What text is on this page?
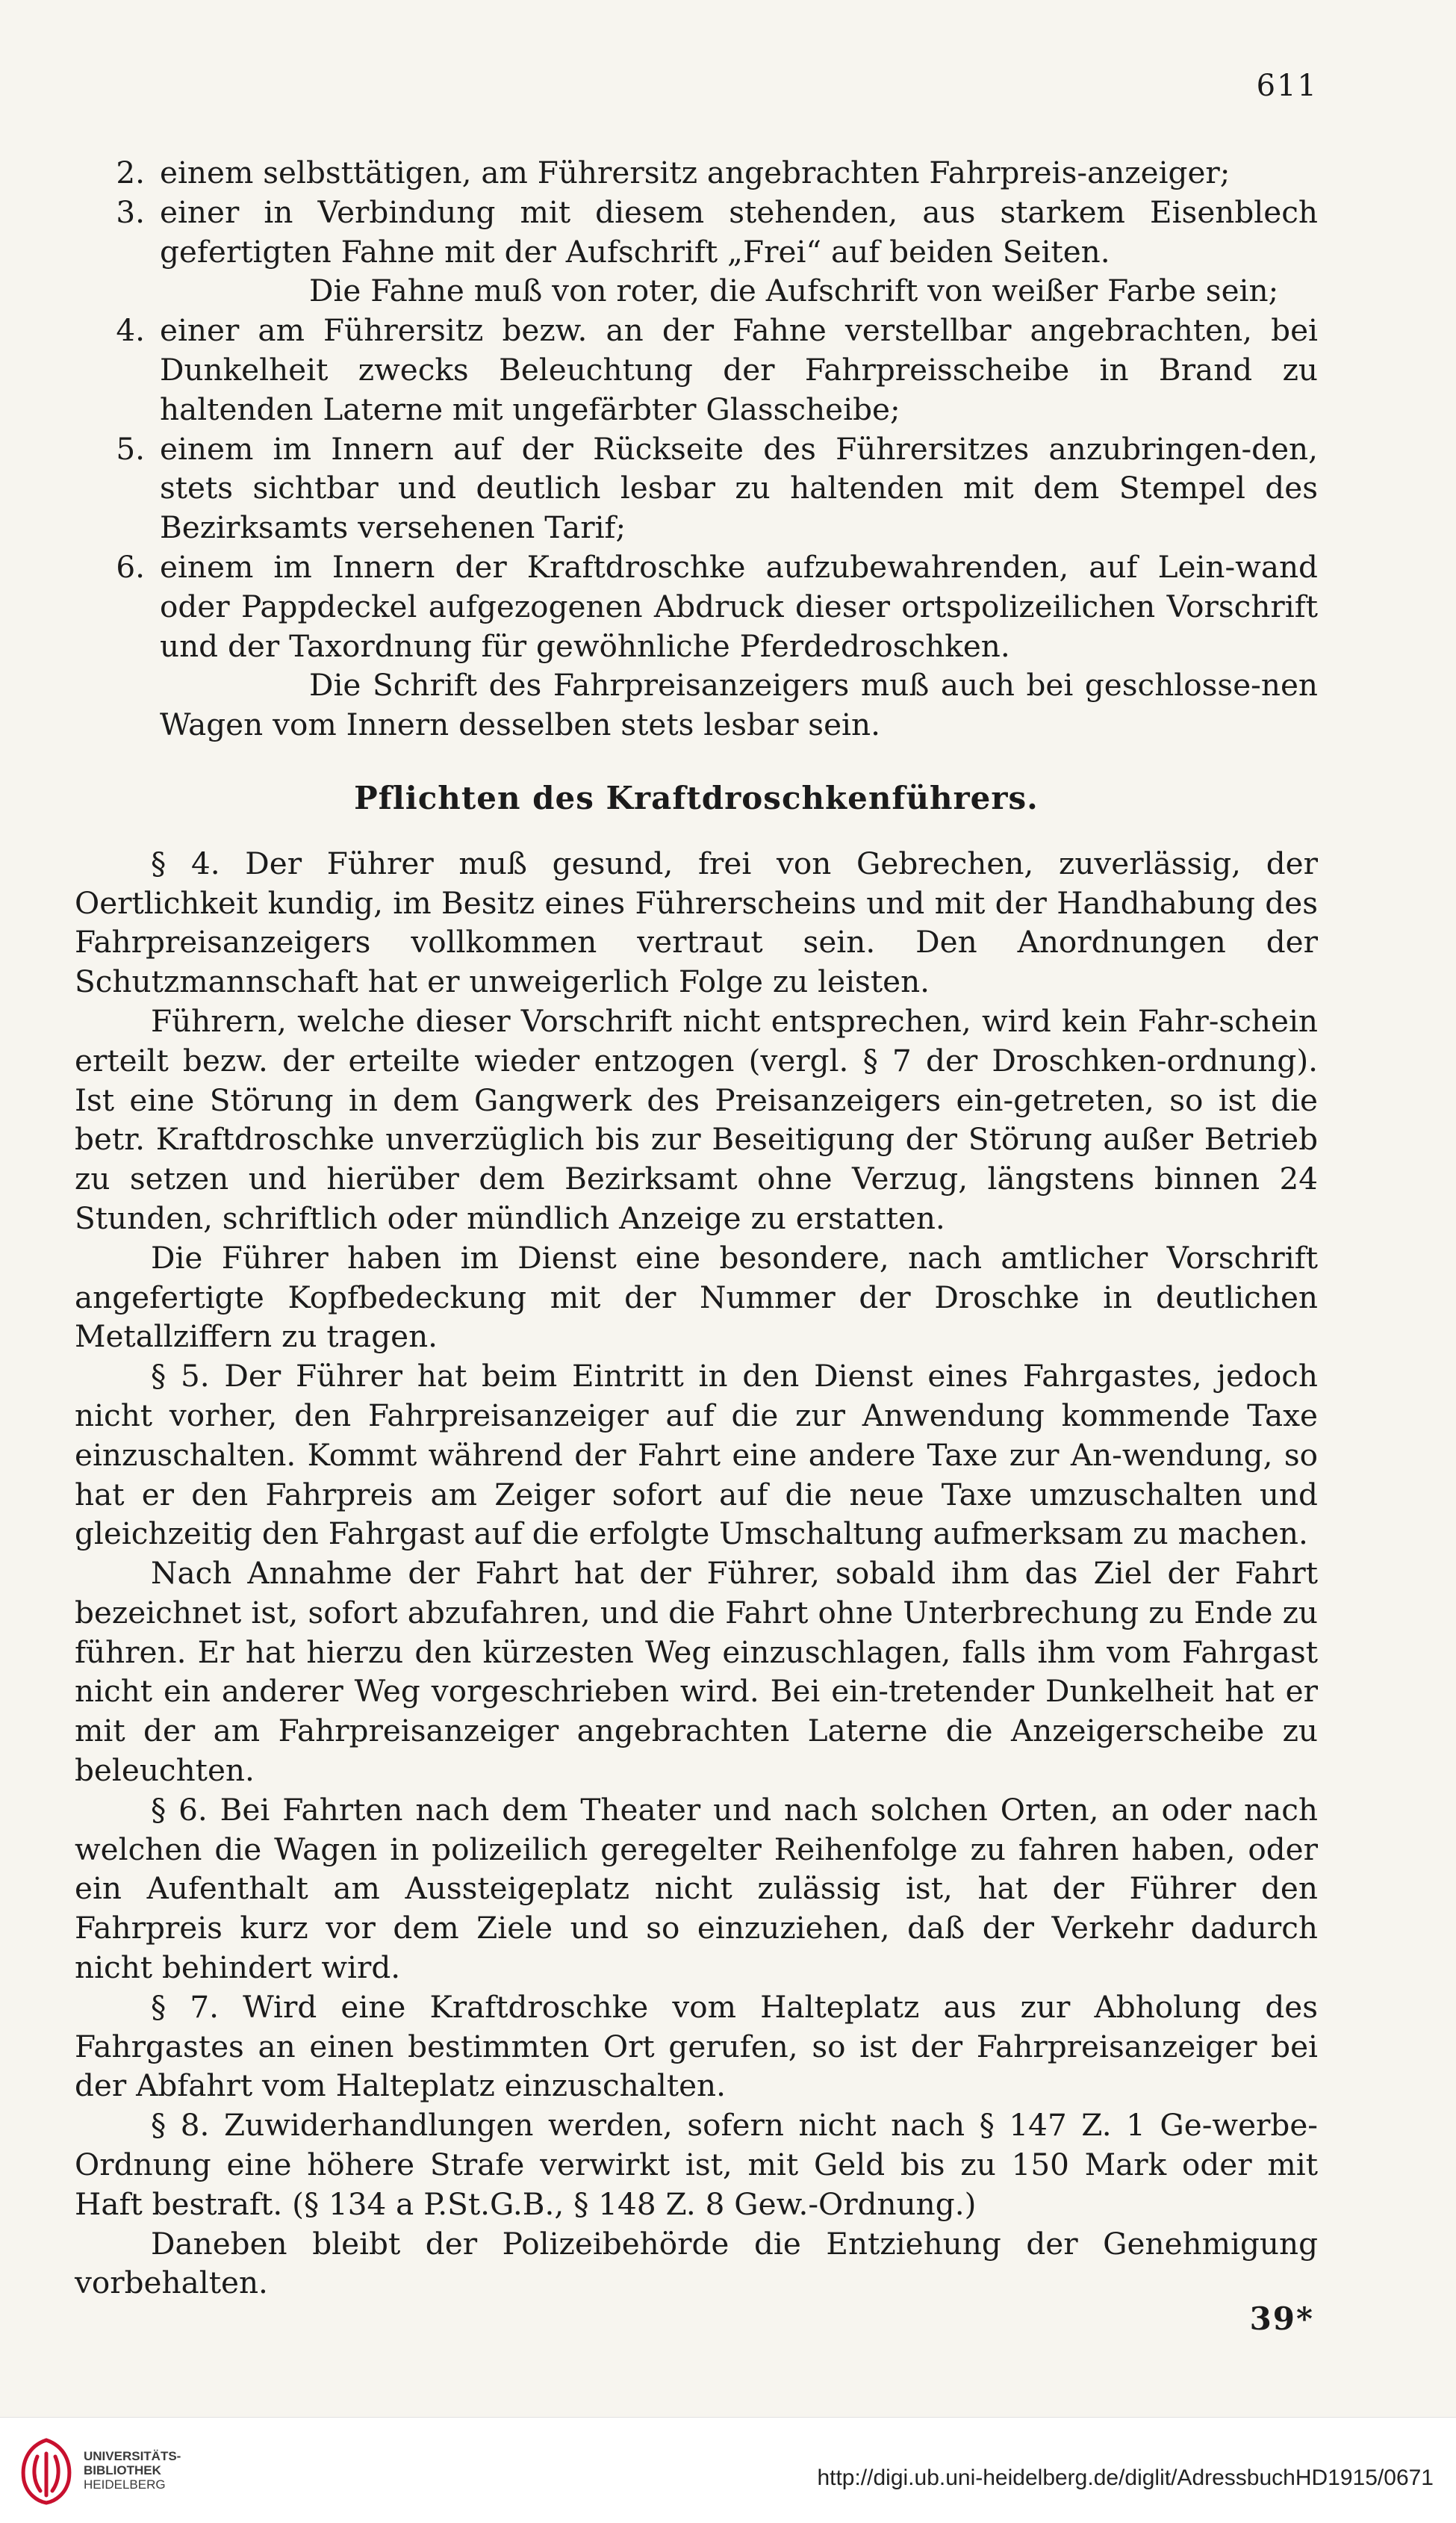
611
2. einem selbsttätigen, am Führersitz angebrachten Fahrpreis-anzeiger;
3. einer in Verbindung mit diesem stehenden, aus starkem Eisenblech gefertigten Fahne mit der Aufschrift „Frei“ auf beiden Seiten.

Die Fahne muß von roter, die Aufschrift von weißer Farbe sein;

4. einer am Führersitz bezw. an der Fahne verstellbar angebrachten, bei Dunkelheit zwecks Beleuchtung der Fahrpreisscheibe in Brand zu haltenden Laterne mit ungefärbter Glasscheibe;
5. einem im Innern auf der Rückseite des Führersitzes anzubringen-den, stets sichtbar und deutlich lesbar zu haltenden mit dem Stempel des Bezirksamts versehenen Tarif;
6. einem im Innern der Kraftdroschke aufzubewahrenden, auf Lein-wand oder Pappdeckel aufgezogenen Abdruck dieser ortspolizeilichen Vorschrift und der Taxordnung für gewöhnliche Pferdedroschken.

Die Schrift des Fahrpreisanzeigers muß auch bei geschlosse-nen Wagen vom Innern desselben stets lesbar sein.

Pflichten des Kraftdroschkenführers.

§ 4. Der Führer muß gesund, frei von Gebrechen, zuverlässig, der Oertlichkeit kundig, im Besitz eines Führerscheins und mit der Handhabung des Fahrpreisanzeigers vollkommen vertraut sein. Den Anordnungen der Schutzmannschaft hat er unweigerlich Folge zu leisten.

Führern, welche dieser Vorschrift nicht entsprechen, wird kein Fahr-schein erteilt bezw. der erteilte wieder entzogen (vergl. § 7 der Droschken-ordnung). Ist eine Störung in dem Gangwerk des Preisanzeigers ein-getreten, so ist die betr. Kraftdroschke unverzüglich bis zur Beseitigung der Störung außer Betrieb zu setzen und hierüber dem Bezirksamt ohne Verzug, längstens binnen 24 Stunden, schriftlich oder mündlich Anzeige zu erstatten.

Die Führer haben im Dienst eine besondere, nach amtlicher Vorschrift angefertigte Kopfbedeckung mit der Nummer der Droschke in deutlichen Metallziffern zu tragen.

§ 5. Der Führer hat beim Eintritt in den Dienst eines Fahrgastes, jedoch nicht vorher, den Fahrpreisanzeiger auf die zur Anwendung kommende Taxe einzuschalten. Kommt während der Fahrt eine andere Taxe zur An-wendung, so hat er den Fahrpreis am Zeiger sofort auf die neue Taxe umzuschalten und gleichzeitig den Fahrgast auf die erfolgte Umschaltung aufmerksam zu machen.

Nach Annahme der Fahrt hat der Führer, sobald ihm das Ziel der Fahrt bezeichnet ist, sofort abzufahren, und die Fahrt ohne Unterbrechung zu Ende zu führen. Er hat hierzu den kürzesten Weg einzuschlagen, falls ihm vom Fahrgast nicht ein anderer Weg vorgeschrieben wird. Bei ein-tretender Dunkelheit hat er mit der am Fahrpreisanzeiger angebrachten Laterne die Anzeigerscheibe zu beleuchten.

§ 6. Bei Fahrten nach dem Theater und nach solchen Orten, an oder nach welchen die Wagen in polizeilich geregelter Reihenfolge zu fahren haben, oder ein Aufenthalt am Aussteigeplatz nicht zulässig ist, hat der Führer den Fahrpreis kurz vor dem Ziele und so einzuziehen, daß der Verkehr dadurch nicht behindert wird.

§ 7. Wird eine Kraftdroschke vom Halteplatz aus zur Abholung des Fahrgastes an einen bestimmten Ort gerufen, so ist der Fahrpreisanzeiger bei der Abfahrt vom Halteplatz einzuschalten.

§ 8. Zuwiderhandlungen werden, sofern nicht nach § 147 Z. 1 Ge-werbe-Ordnung eine höhere Strafe verwirkt ist, mit Geld bis zu 150 Mark oder mit Haft bestraft. (§ 134 a P.St.G.B., § 148 Z. 8 Gew.-Ordnung.)

Daneben bleibt der Polizeibehörde die Entziehung der Genehmigung vorbehalten.

39*
UNIVERSITÄTS-
BIBLIOTHEK
HEIDELBERG	http://digi.ub.uni-heidelberg.de/diglit/AdressbuchHD1915/0671
